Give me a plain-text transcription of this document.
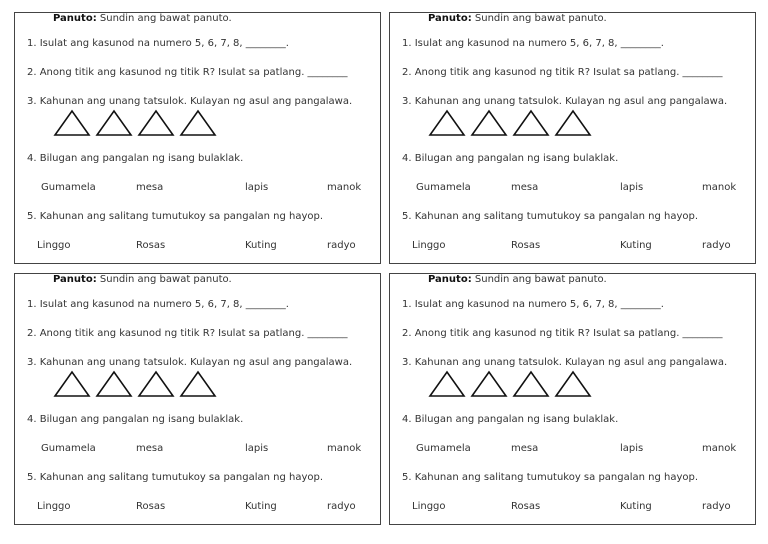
Panuto: Sundin ang bawat panuto.
1. Isulat ang kasunod na numero 5, 6, 7, 8, ________.
2. Anong titik ang kasunod ng titik R? Isulat sa patlang. ________
3. Kahunan ang unang tatsulok. Kulayan ng asul ang pangalawa.
4. Bilugan ang pangalan ng isang bulaklak.
Gumamela	mesa	lapis	manok
5. Kahunan ang salitang tumutukoy sa pangalan ng hayop.
Linggo	Rosas	Kuting	radyo
Panuto: Sundin ang bawat panuto.
1. Isulat ang kasunod na numero 5, 6, 7, 8, ________.
2. Anong titik ang kasunod ng titik R? Isulat sa patlang. ________
3. Kahunan ang unang tatsulok. Kulayan ng asul ang pangalawa.
4. Bilugan ang pangalan ng isang bulaklak.
Gumamela	mesa	lapis	manok
5. Kahunan ang salitang tumutukoy sa pangalan ng hayop.
Linggo	Rosas	Kuting	radyo
Panuto: Sundin ang bawat panuto.
1. Isulat ang kasunod na numero 5, 6, 7, 8, ________.
2. Anong titik ang kasunod ng titik R? Isulat sa patlang. ________
3. Kahunan ang unang tatsulok. Kulayan ng asul ang pangalawa.
4. Bilugan ang pangalan ng isang bulaklak.
Gumamela	mesa	lapis	manok
5. Kahunan ang salitang tumutukoy sa pangalan ng hayop.
Linggo	Rosas	Kuting	radyo
Panuto: Sundin ang bawat panuto.
1. Isulat ang kasunod na numero 5, 6, 7, 8, ________.
2. Anong titik ang kasunod ng titik R? Isulat sa patlang. ________
3. Kahunan ang unang tatsulok. Kulayan ng asul ang pangalawa.
4. Bilugan ang pangalan ng isang bulaklak.
Gumamela	mesa	lapis	manok
5. Kahunan ang salitang tumutukoy sa pangalan ng hayop.
Linggo	Rosas	Kuting	radyo
